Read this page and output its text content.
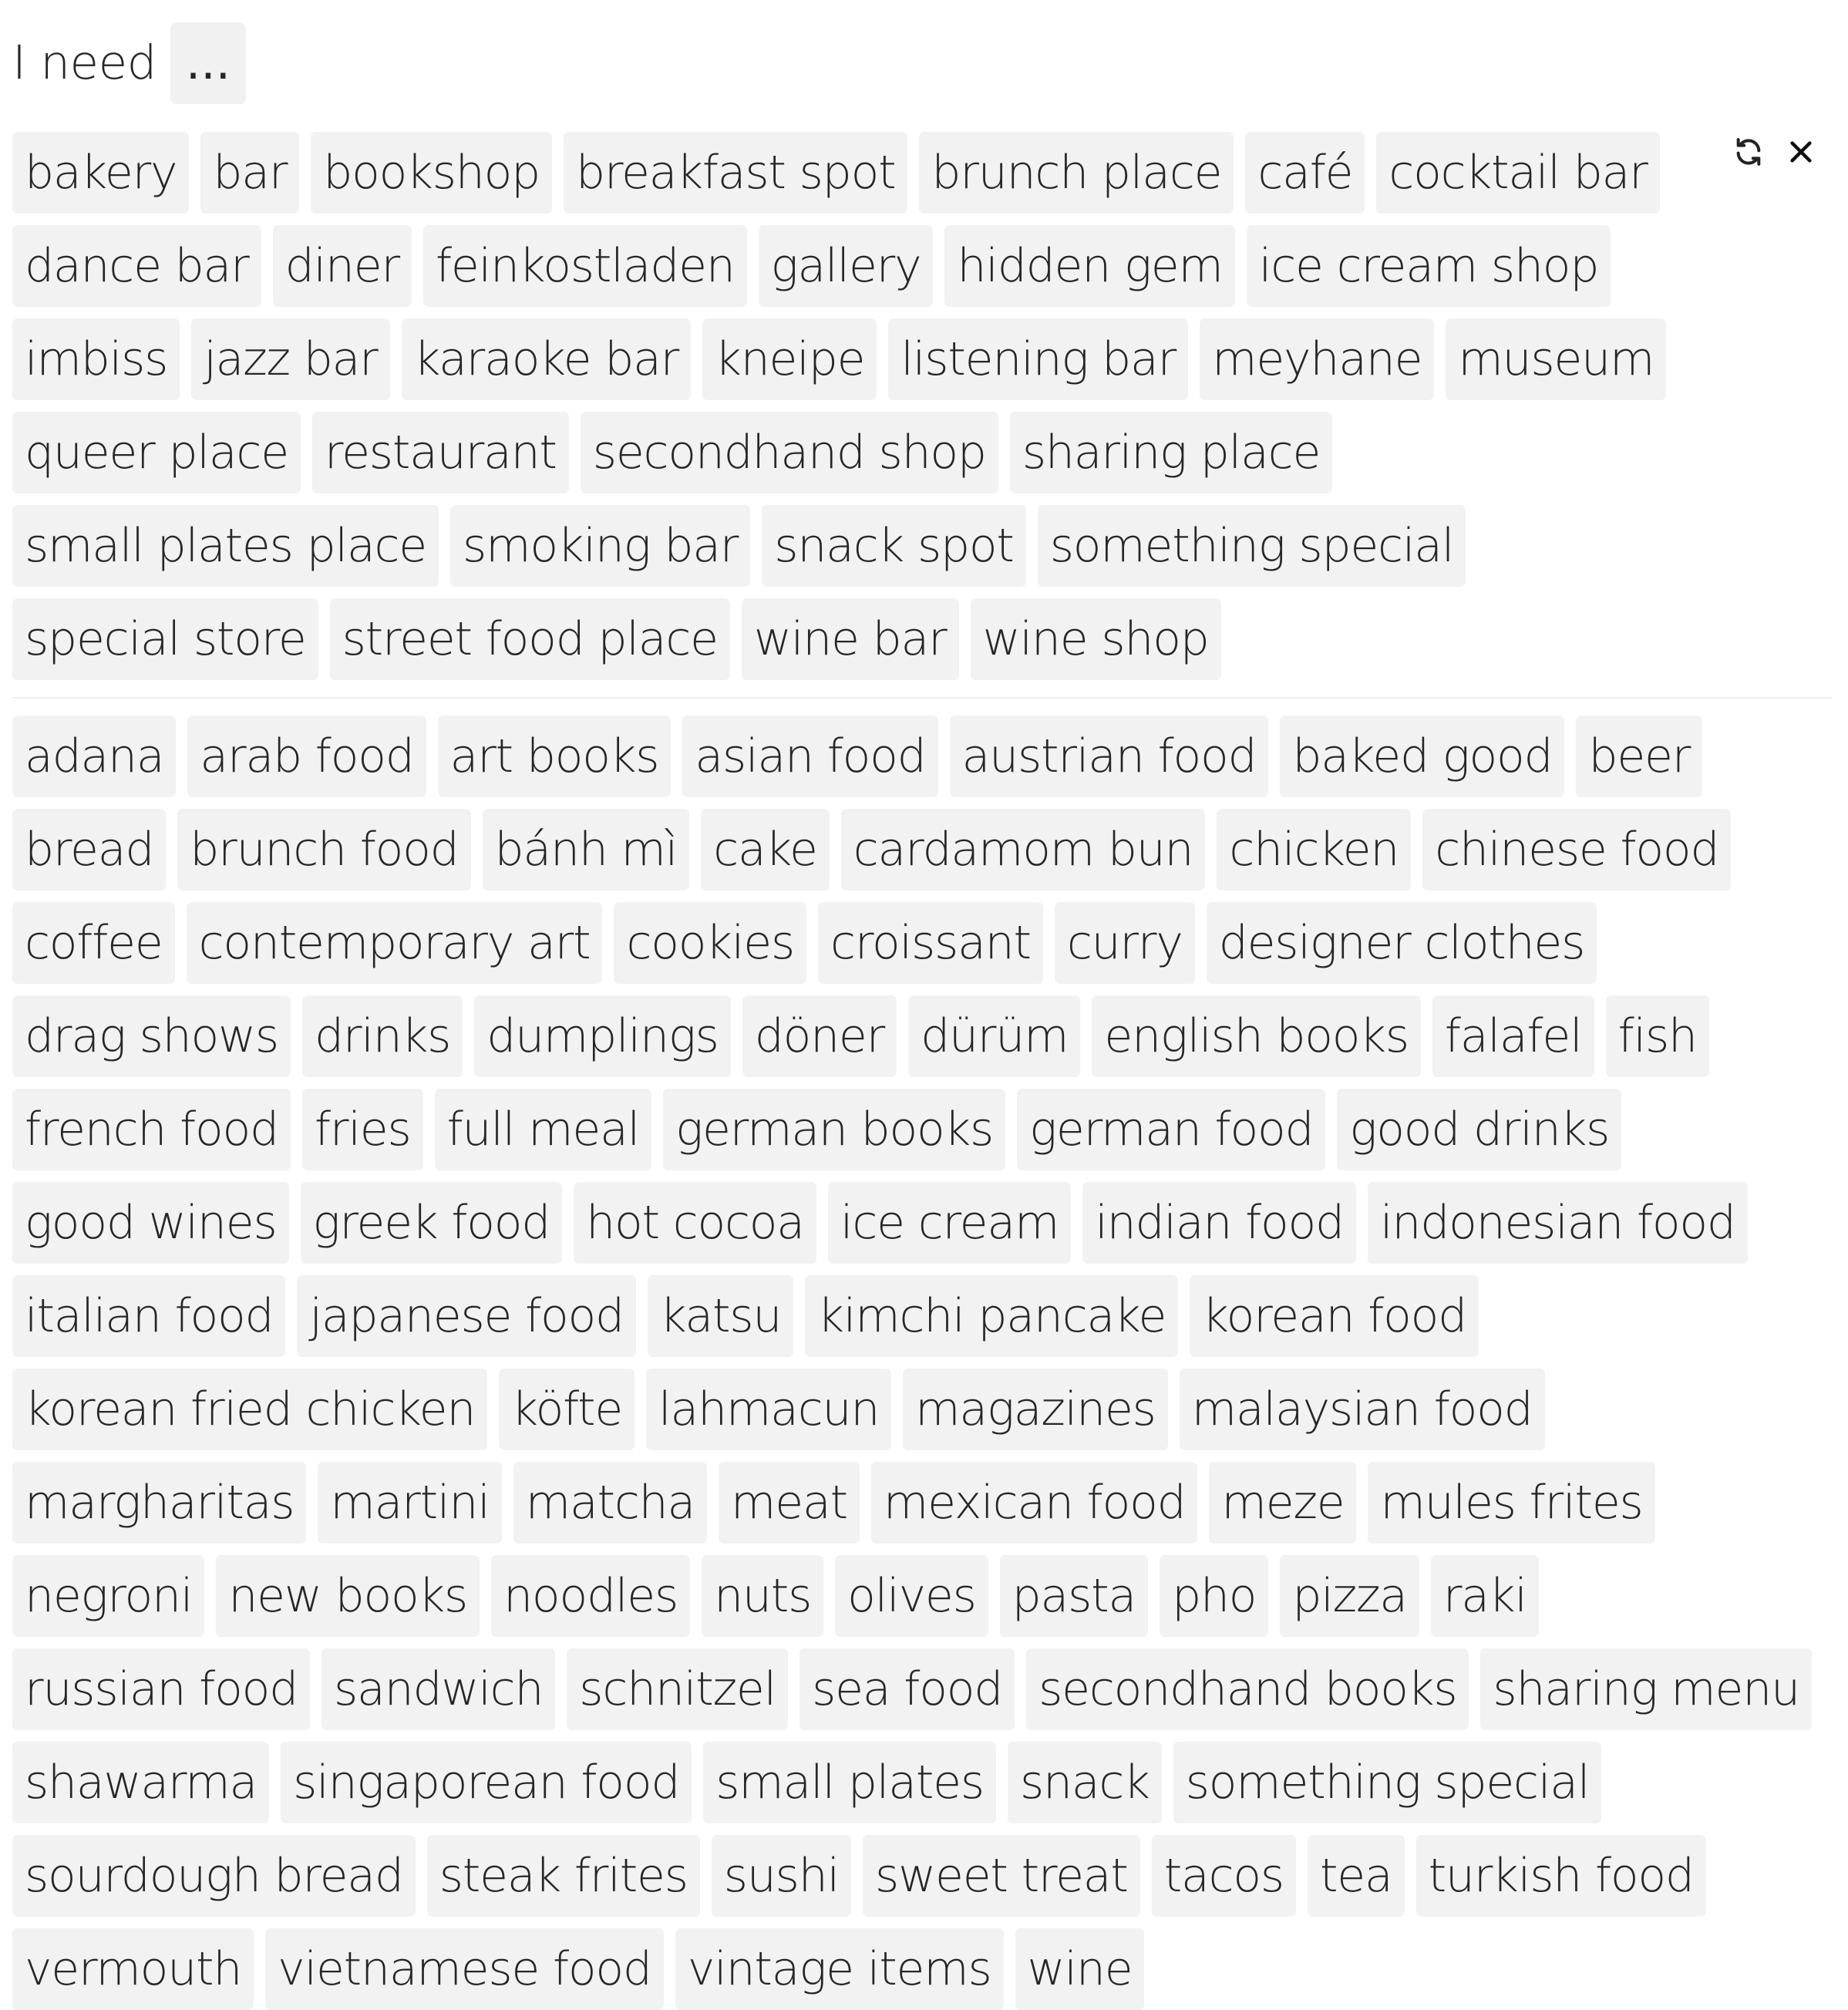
I need ...
bakery bar bookshop breakfast spot brunch place café cocktail bar
dance bar diner feinkostladen gallery hidden gem ice cream shop
imbiss jazz bar karaoke bar kneipe listening bar meyhane museum
queer place restaurant secondhand shop sharing place
small plates place smoking bar snack spot something special
special store street food place wine bar wine shop
adana arab food art books asian food austrian food baked good beer
bread brunch food bánh mì cake cardamom bun chicken chinese food
coffee contemporary art cookies croissant curry designer clothes
drag shows drinks dumplings döner dürüm english books falafel fish
french food fries full meal german books german food good drinks
good wines greek food hot cocoa ice cream indian food indonesian food
italian food japanese food katsu kimchi pancake korean food
korean fried chicken köfte lahmacun magazines malaysian food
margharitas martini matcha meat mexican food meze mules frites
negroni new books noodles nuts olives pasta pho pizza raki
russian food sandwich schnitzel sea food secondhand books sharing menu
shawarma singaporean food small plates snack something special
sourdough bread steak frites sushi sweet treat tacos tea turkish food
vermouth vietnamese food vintage items wine
